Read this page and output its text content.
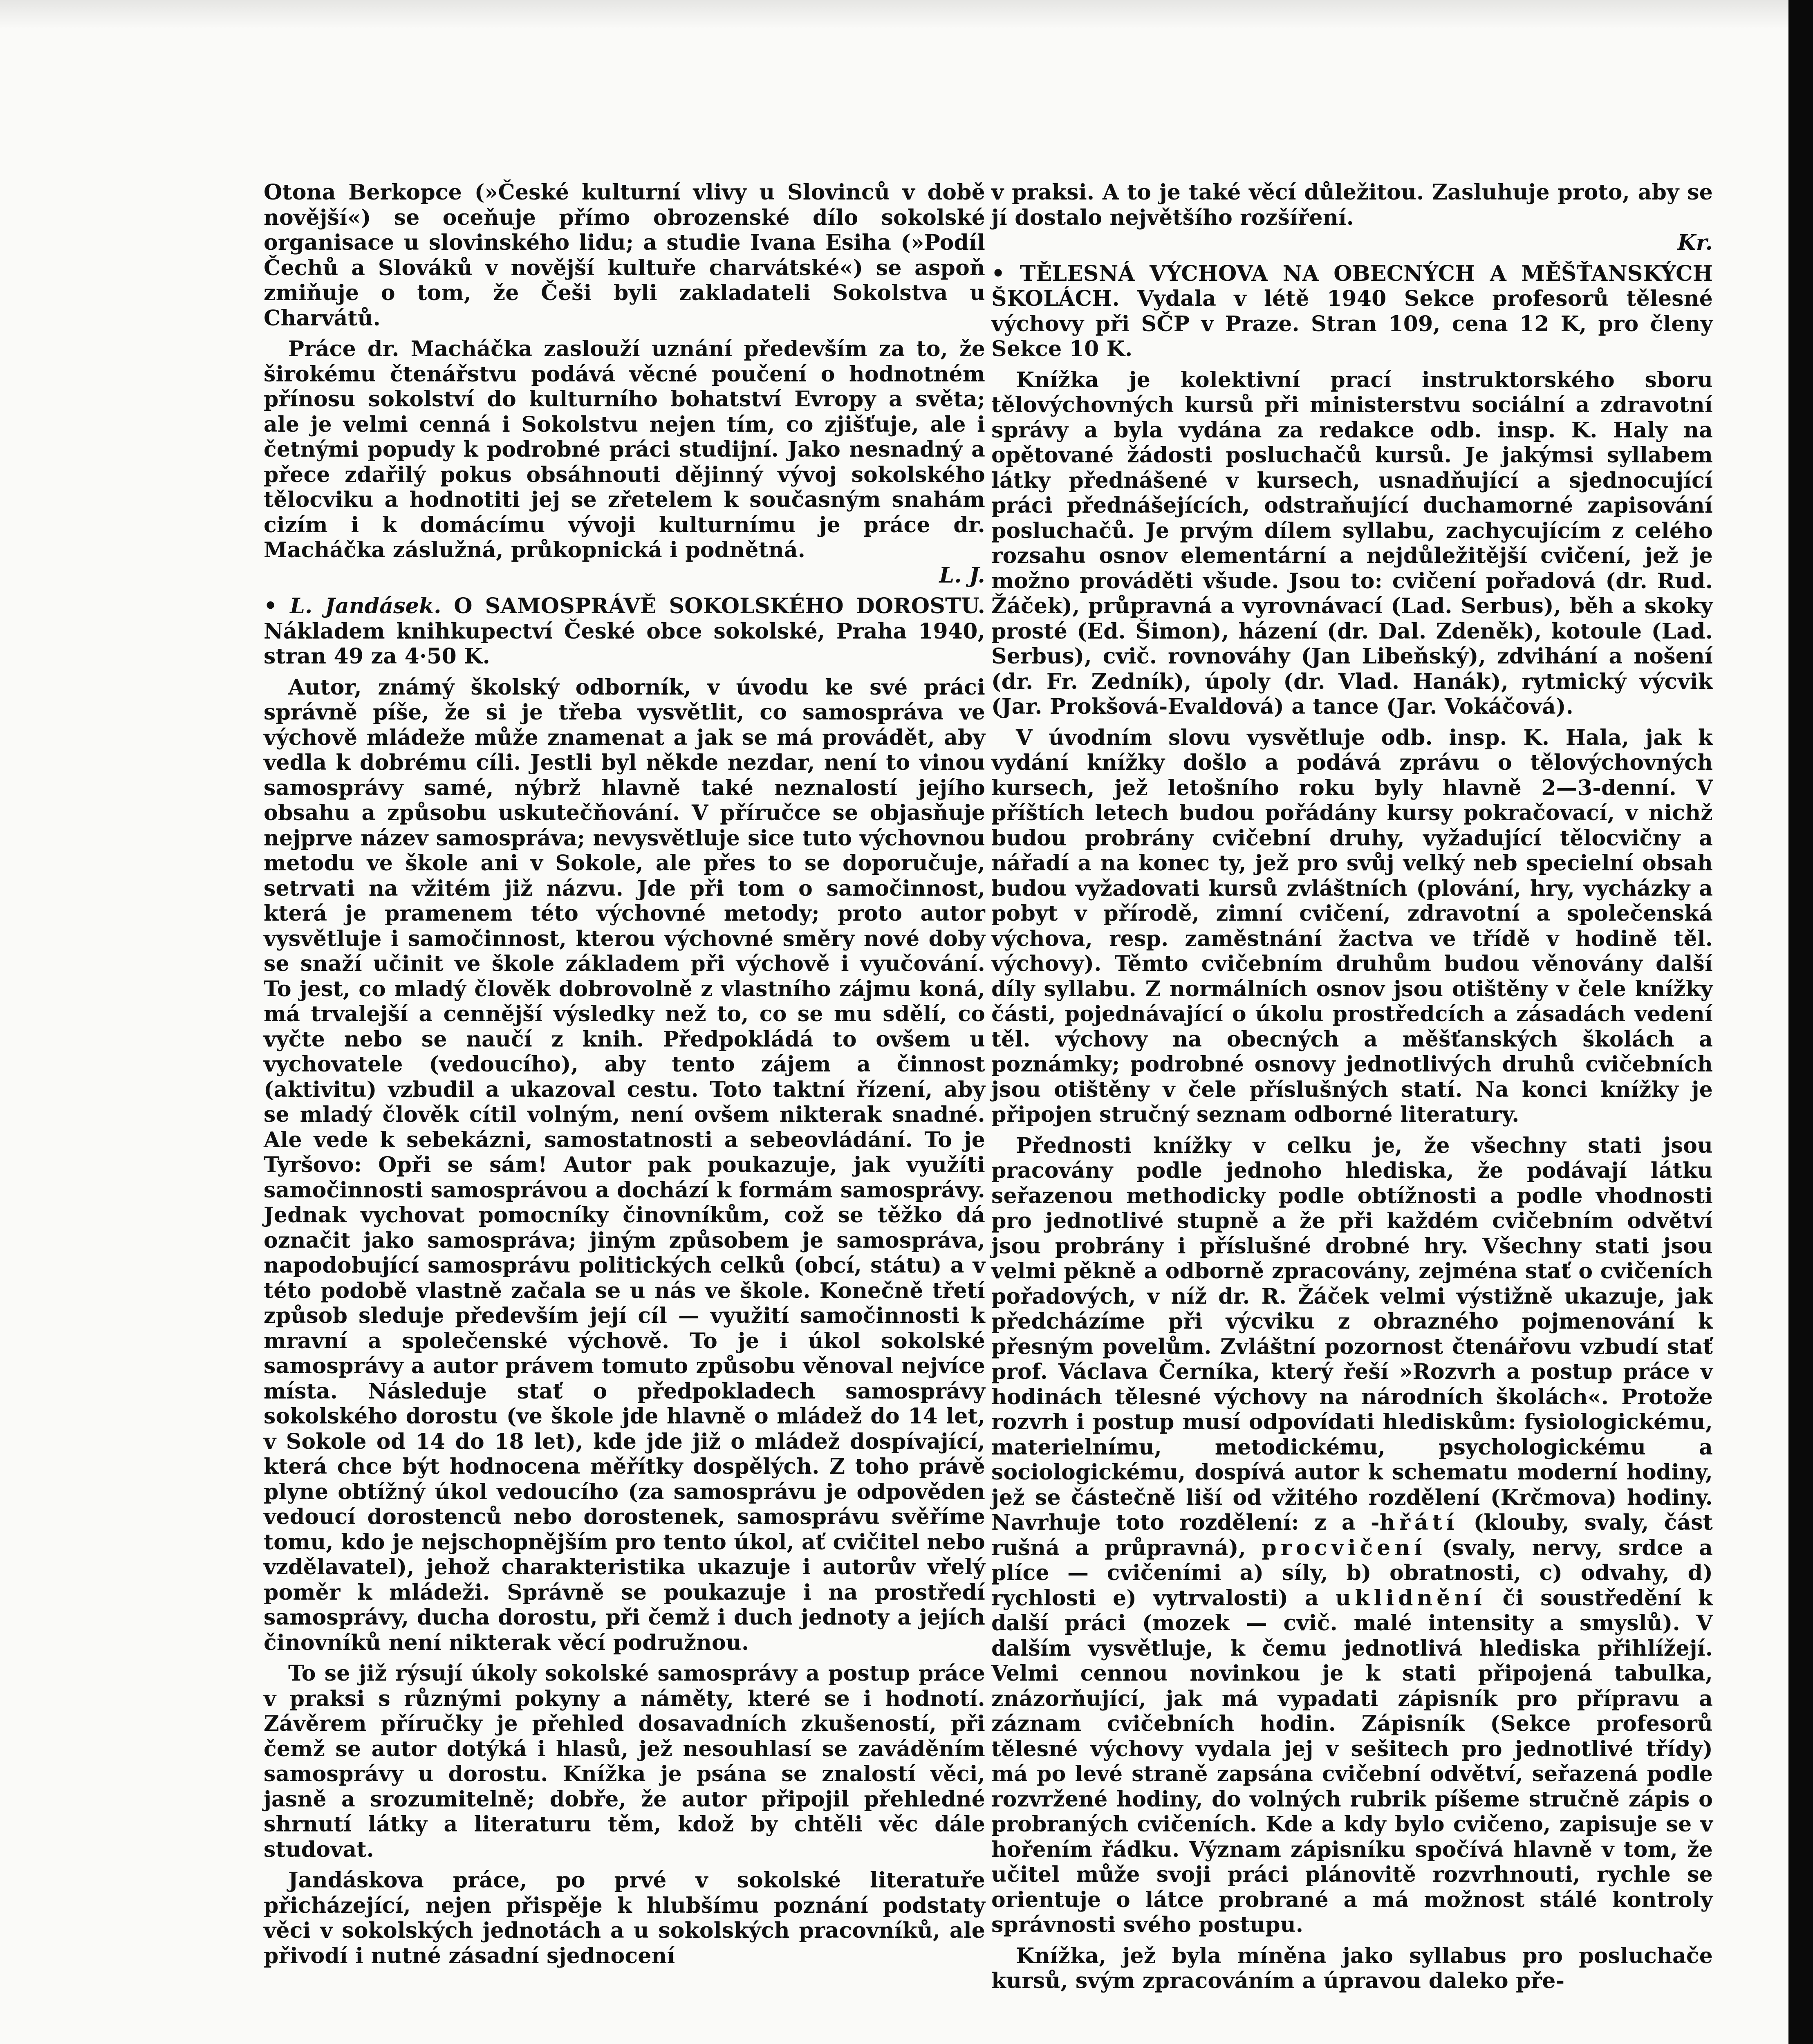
Otona Berkopce (»České kulturní vlivy u Slovinců v době novější«) se oceňuje přímo obrozenské dílo sokolské organisace u slovinského lidu; a studie Ivana Esiha (»Podíl Čechů a Slováků v novější kultuře charvátské«) se aspoň zmiňuje o tom, že Češi byli zakladateli Sokolstva u Charvátů.

Práce dr. Macháčka zaslouží uznání především za to, že širokému čtenářstvu podává věcné poučení o hodnotném přínosu sokolství do kulturního bohatství Evropy a světa; ale je velmi cenná i Sokolstvu nejen tím, co zjišťuje, ale i četnými popudy k podrobné práci studijní. Jako nesnadný a přece zdařilý pokus obsáhnouti dějinný vývoj sokolského tělocviku a hodnotiti jej se zřetelem k současným snahám cizím i k domácímu vývoji kulturnímu je práce dr. Macháčka záslužná, průkopnická i podnětná.
L. J.

• L. Jandásek. O SAMOSPRÁVĚ SOKOLSKÉHO DOROSTU. Nákladem knihkupectví České obce sokolské, Praha 1940, stran 49 za 4·50 K.

Autor, známý školský odborník, v úvodu ke své práci správně píše, že si je třeba vysvětlit, co samospráva ve výchově mládeže může znamenat a jak se má provádět, aby vedla k dobrému cíli. Jestli byl někde nezdar, není to vinou samosprávy samé, nýbrž hlavně také neznalostí jejího obsahu a způsobu uskutečňování. V příručce se objasňuje nejprve název samospráva; nevysvětluje sice tuto výchovnou metodu ve škole ani v Sokole, ale přes to se doporučuje, setrvati na vžitém již názvu. Jde při tom o samočinnost, která je pramenem této výchovné metody; proto autor vysvětluje i samočinnost, kterou výchovné směry nové doby se snaží učinit ve škole základem při výchově i vyučování. To jest, co mladý člověk dobrovolně z vlastního zájmu koná, má trvalejší a cennější výsledky než to, co se mu sdělí, co vyčte nebo se naučí z knih. Předpokládá to ovšem u vychovatele (vedoucího), aby tento zájem a činnost (aktivitu) vzbudil a ukazoval cestu. Toto taktní řízení, aby se mladý člověk cítil volným, není ovšem nikterak snadné. Ale vede k sebekázni, samostatnosti a sebeovládání. To je Tyršovo: Opři se sám! Autor pak poukazuje, jak využíti samočinnosti samosprávou a dochází k formám samosprávy. Jednak vychovat pomocníky činovníkům, což se těžko dá označit jako samospráva; jiným způsobem je samospráva, napodobující samosprávu politických celků (obcí, státu) a v této podobě vlastně začala se u nás ve škole. Konečně třetí způsob sleduje především její cíl — využití samočinnosti k mravní a společenské výchově. To je i úkol sokolské samosprávy a autor právem tomuto způsobu věnoval nejvíce místa. Následuje stať o předpokladech samosprávy sokolského dorostu (ve škole jde hlavně o mládež do 14 let, v Sokole od 14 do 18 let), kde jde již o mládež dospívající, která chce být hodnocena měřítky dospělých. Z toho právě plyne obtížný úkol vedoucího (za samosprávu je odpověden vedoucí dorostenců nebo dorostenek, samosprávu svěříme tomu, kdo je nejschopnějším pro tento úkol, ať cvičitel nebo vzdělavatel), jehož charakteristika ukazuje i autorův vřelý poměr k mládeži. Správně se poukazuje i na prostředí samosprávy, ducha dorostu, při čemž i duch jednoty a jejích činovníků není nikterak věcí podružnou.

To se již rýsují úkoly sokolské samosprávy a postup práce v praksi s různými pokyny a náměty, které se i hodnotí. Závěrem příručky je přehled dosavadních zkušeností, při čemž se autor dotýká i hlasů, jež nesouhlasí se zaváděním samosprávy u dorostu. Knížka je psána se znalostí věci, jasně a srozumitelně; dobře, že autor připojil přehledné shrnutí látky a literaturu těm, kdož by chtěli věc dále studovat.

Jandáskova práce, po prvé v sokolské literatuře přicházející, nejen přispěje k hlubšímu poznání podstaty věci v sokolských jednotách a u sokolských pracovníků, ale přivodí i nutné zásadní sjednocení

v praksi. A to je také věcí důležitou. Zasluhuje proto, aby se jí dostalo největšího rozšíření.
Kr.

• TĚLESNÁ VÝCHOVA NA OBECNÝCH A MĚŠŤANSKÝCH ŠKOLÁCH. Vydala v létě 1940 Sekce profesorů tělesné výchovy při SČP v Praze. Stran 109, cena 12 K, pro členy Sekce 10 K.

Knížka je kolektivní prací instruktorského sboru tělovýchovných kursů při ministerstvu sociální a zdravotní správy a byla vydána za redakce odb. insp. K. Haly na opětované žádosti posluchačů kursů. Je jakýmsi syllabem látky přednášené v kursech, usnadňující a sjednocující práci přednášejících, odstraňující duchamorné zapisování posluchačů. Je prvým dílem syllabu, zachycujícím z celého rozsahu osnov elementární a nejdůležitější cvičení, jež je možno prováděti všude. Jsou to: cvičení pořadová (dr. Rud. Žáček), průpravná a vyrovnávací (Lad. Serbus), běh a skoky prosté (Ed. Šimon), házení (dr. Dal. Zdeněk), kotoule (Lad. Serbus), cvič. rovnováhy (Jan Libeňský), zdvihání a nošení (dr. Fr. Zedník), úpoly (dr. Vlad. Hanák), rytmický výcvik (Jar. Prokšová-Evaldová) a tance (Jar. Vokáčová).

V úvodním slovu vysvětluje odb. insp. K. Hala, jak k vydání knížky došlo a podává zprávu o tělovýchovných kursech, jež letošního roku byly hlavně 2—3-denní. V příštích letech budou pořádány kursy pokračovací, v nichž budou probrány cvičební druhy, vyžadující tělocvičny a nářadí a na konec ty, jež pro svůj velký neb specielní obsah budou vyžadovati kursů zvláštních (plování, hry, vycházky a pobyt v přírodě, zimní cvičení, zdravotní a společenská výchova, resp. zaměstnání žactva ve třídě v hodině těl. výchovy). Těmto cvičebním druhům budou věnovány další díly syllabu. Z normálních osnov jsou otištěny v čele knížky části, pojednávající o úkolu prostředcích a zásadách vedení těl. výchovy na obecných a měšťanských školách a poznámky; podrobné osnovy jednotlivých druhů cvičebních jsou otištěny v čele příslušných statí. Na konci knížky je připojen stručný seznam odborné literatury.

Přednosti knížky v celku je, že všechny stati jsou pracovány podle jednoho hlediska, že podávají látku seřazenou methodicky podle obtížnosti a podle vhodnosti pro jednotlivé stupně a že při každém cvičebním odvětví jsou probrány i příslušné drobné hry. Všechny stati jsou velmi pěkně a odborně zpracovány, zejména stať o cvičeních pořadových, v níž dr. R. Žáček velmi výstižně ukazuje, jak předcházíme při výcviku z obrazného pojmenování k přesným povelům. Zvláštní pozornost čtenářovu vzbudí stať prof. Václava Černíka, který řeší »Rozvrh a postup práce v hodinách tělesné výchovy na národních školách«. Protože rozvrh i postup musí odpovídati hlediskům: fysiologickému, materielnímu, metodickému, psychologickému a sociologickému, dospívá autor k schematu moderní hodiny, jež se částečně liší od vžitého rozdělení (Krčmova) hodiny. Navrhuje toto rozdělení: z a -hřátí (klouby, svaly, část rušná a průpravná), procvičení (svaly, nervy, srdce a plíce — cvičeními a) síly, b) obratnosti, c) odvahy, d) rychlosti e) vytrvalosti) a uklidnění či soustředění k další práci (mozek — cvič. malé intensity a smyslů). V dalším vysvětluje, k čemu jednotlivá hlediska přihlížejí. Velmi cennou novinkou je k stati připojená tabulka, znázorňující, jak má vypadati zápisník pro přípravu a záznam cvičebních hodin. Zápisník (Sekce profesorů tělesné výchovy vydala jej v sešitech pro jednotlivé třídy) má po levé straně zapsána cvičební odvětví, seřazená podle rozvržené hodiny, do volných rubrik píšeme stručně zápis o probraných cvičeních. Kde a kdy bylo cvičeno, zapisuje se v hořením řádku. Význam zápisníku spočívá hlavně v tom, že učitel může svoji práci plánovitě rozvrhnouti, rychle se orientuje o látce probrané a má možnost stálé kontroly správnosti svého postupu.

Knížka, jež byla míněna jako syllabus pro posluchače kursů, svým zpracováním a úpravou daleko pře-
